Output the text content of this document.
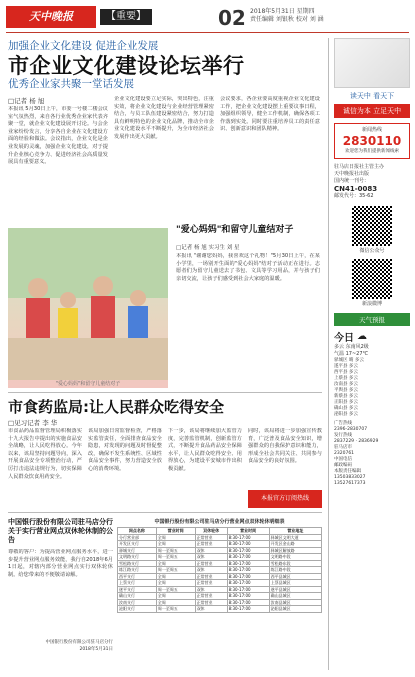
天中晚报	【重要】	02 2018年5月31日 星期四
责任编辑 刘银秋 校对 刘 涵
加强企业文化建设 促进企业发展
市企业文化建设论坛举行
优秀企业家共聚一堂话发展
□记者 杨 旭
本报讯 5月30日上午，市委一号楼二楼会议室气氛热烈，来自各行业优秀企业家代表齐聚一堂，就企业文化建设展开讨论。与会企业家纷纷发言，分享各自企业在文化建设方面的经验和做法。会议指出，企业文化是企业发展的灵魂，加强企业文化建设，对于提升企业核心竞争力、促进经济社会高质量发展具有重要意义。
企业文化建设要立足实际，突出特色，注重实效，将企业文化建设与企业经营管理紧密结合，与员工队伍建设紧密结合，努力打造具有鲜明特色的企业文化品牌，推动全市企业文化建设水平不断提升，为全市经济社会发展作出更大贡献。
会议要求，各企业要高度重视企业文化建设工作，把企业文化建设摆上重要议事日程，加强组织领导，健全工作机制，确保各项工作落到实处。同时要注重培养员工的责任意识、创新意识和团队精神。
"爱心妈妈"和留守儿童结对子
"爱心妈妈"和留守儿童结对子
□记者 杨 旭 实习生 刘 星
本报讯 "谢谢您妈妈，我喜欢这个礼物！"5月30日上午，在某小学里，一场别开生面的"爱心妈妈"结对子活动正在进行。志愿者们为留守儿童送去了书包、文具等学习用品，并与孩子们亲切交流，让孩子们感受到社会大家庭的温暖。
市食药监局:让人民群众吃得安全
□见习记者 李 华
市食品药品监督管理局积极落实十九大报告中提出的实施食品安全战略，让人民吃得放心。今年以来，该局坚持问题导向，深入开展食品安全专项整治行动，严厉打击违法违规行为，切实保障人民群众饮食用药安全。
该局加强日常监督检查，严格落实监管责任，全面排查食品安全隐患，对发现的问题及时督促整改，确保不发生系统性、区域性食品安全事件，努力营造安全放心的消费环境。
下一步，该局将继续加大监管力度，完善监管机制，创新监管方式，不断提升食品药品安全保障水平，让人民群众吃得安全、用得放心，为建设平安城市作出积极贡献。
同时，该局将进一步加强宣传教育，广泛普及食品安全知识，增强群众的自我保护意识和能力，形成全社会共同关注、共同参与食品安全的良好氛围。
本报官方订阅热线
中国银行股份有限公司驻马店分行关于实行营业网点双休轮休制的公告
尊敬的客户：为提高营业网点服务水平，进一步提升营业网点服务效能，我行自2018年6月1日起，对辖内部分营业网点实行双休轮休制。给您带来的不便敬请谅解。
中国银行股份有限公司驻马店分行
2018年5月31日
中国银行股份有限公司驻马店分行营业网点双休轮休明细表
网点名称	营业时间	双休轮休	营业时间	营业地址
分行营业部	全周	正常营业	8:30-17:00	驿城区文明大道
开发区支行	全周	正常营业	8:30-17:00	开发区金山路
驿城支行	周一至周五	双休	8:30-17:00	驿城区解放路
文明路支行	周一至周五	双休	8:30-17:00	文明路中段
雪松路支行	全周	正常营业	8:30-17:00	雪松路东段
练江路支行	周一至周五	双休	8:30-17:00	练江路中段
西平支行	全周	正常营业	8:30-17:00	西平县城区
上蔡支行	全周	正常营业	8:30-17:00	上蔡县城区
遂平支行	周一至周五	双休	8:30-17:00	遂平县城区
确山支行	全周	正常营业	8:30-17:00	确山县城区
汝南支行	全周	正常营业	8:30-17:00	汝南县城区
泌阳支行	周一至周五	双休	8:30-17:00	泌阳县城区
读天中 看天下
诚信为本 立足天中
新闻热线
2830110
欢迎您为我们提供新闻线索
驻马店日报社主管主办
天中晚报社出版
国内统一刊号：
CN41-0083
邮发代号：35-62
微信公众号
新浪微博
天气预报
今日 ☁
多云 东南风2级
气温 17~27℃
驿城区 晴 多云
遂平县 多云
西平县 多云
上蔡县 多云
汝南县 多云
平舆县 多云
新蔡县 多云
正阳县 多云
确山县 多云
泌阳县 多云
广告热线
2396-2830707
发行热线
2837229 · 2836929
驻马店市
2320761
中国电信
邮政编码
本版责任编辑
13503833027
13527617373
